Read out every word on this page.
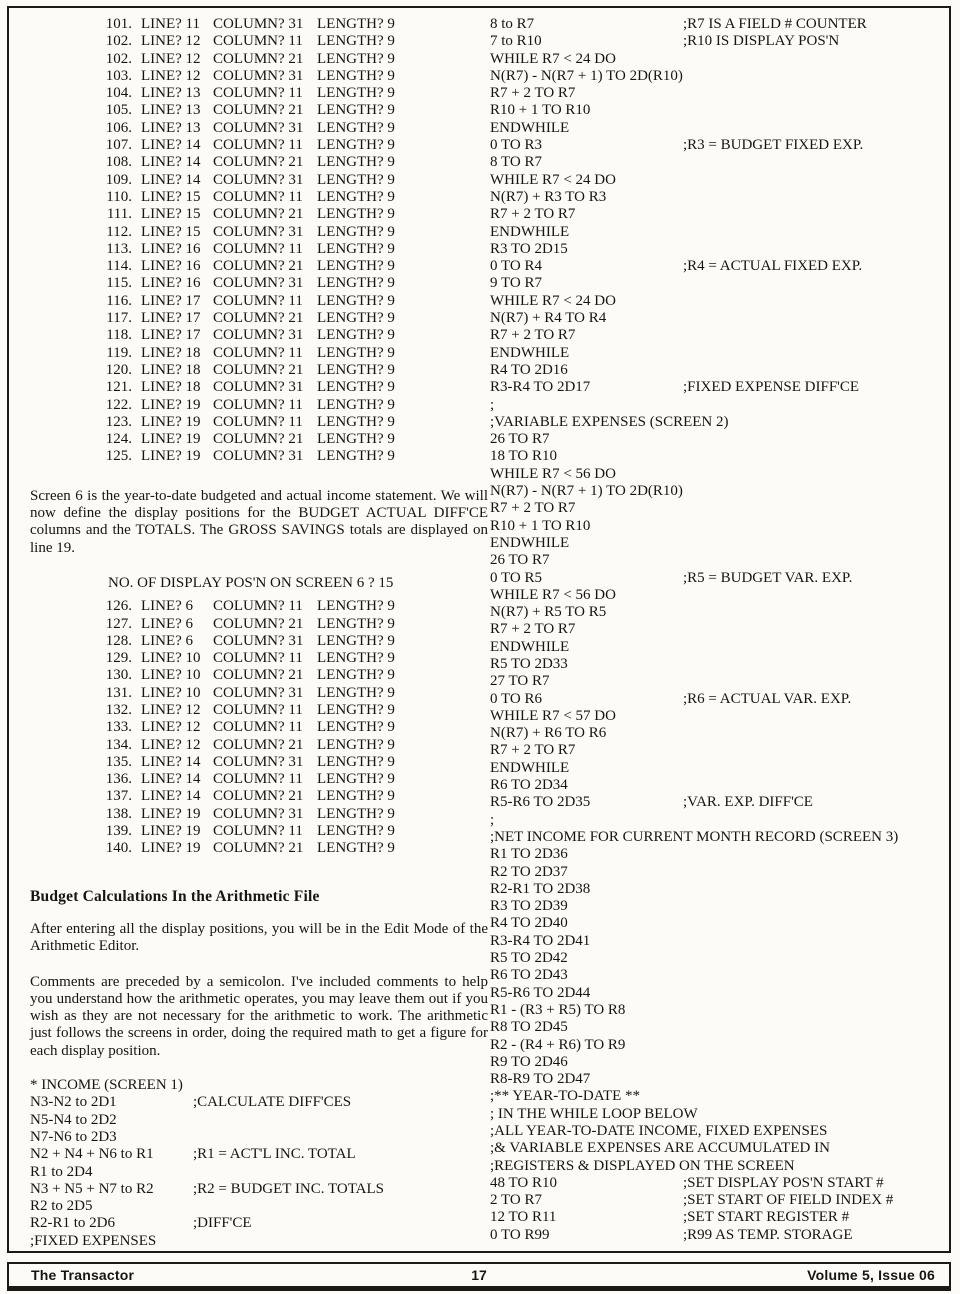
101. LINE? 11 COLUMN? 31 LENGTH? 9
102. LINE? 12 COLUMN? 11 LENGTH? 9
102. LINE? 12 COLUMN? 21 LENGTH? 9
103. LINE? 12 COLUMN? 31 LENGTH? 9
104. LINE? 13 COLUMN? 11 LENGTH? 9
105. LINE? 13 COLUMN? 21 LENGTH? 9
106. LINE? 13 COLUMN? 31 LENGTH? 9
107. LINE? 14 COLUMN? 11 LENGTH? 9
108. LINE? 14 COLUMN? 21 LENGTH? 9
109. LINE? 14 COLUMN? 31 LENGTH? 9
110. LINE? 15 COLUMN? 11 LENGTH? 9
111. LINE? 15 COLUMN? 21 LENGTH? 9
112. LINE? 15 COLUMN? 31 LENGTH? 9
113. LINE? 16 COLUMN? 11 LENGTH? 9
114. LINE? 16 COLUMN? 21 LENGTH? 9
115. LINE? 16 COLUMN? 31 LENGTH? 9
116. LINE? 17 COLUMN? 11 LENGTH? 9
117. LINE? 17 COLUMN? 21 LENGTH? 9
118. LINE? 17 COLUMN? 31 LENGTH? 9
119. LINE? 18 COLUMN? 11 LENGTH? 9
120. LINE? 18 COLUMN? 21 LENGTH? 9
121. LINE? 18 COLUMN? 31 LENGTH? 9
122. LINE? 19 COLUMN? 11 LENGTH? 9
123. LINE? 19 COLUMN? 11 LENGTH? 9
124. LINE? 19 COLUMN? 21 LENGTH? 9
125. LINE? 19 COLUMN? 31 LENGTH? 9

Screen 6 is the year-to-date budgeted and actual income statement. We will now define the display positions for the BUDGET ACTUAL DIFF'CE columns and the TOTALS. The GROSS SAVINGS totals are displayed on line 19.

NO. OF DISPLAY POS'N ON SCREEN 6 ? 15
126. LINE? 6	COLUMN? 11 LENGTH? 9
127. LINE? 6	COLUMN? 21 LENGTH? 9
128. LINE? 6	COLUMN? 31 LENGTH? 9
129. LINE? 10 COLUMN? 11 LENGTH? 9
130. LINE? 10 COLUMN? 21 LENGTH? 9
131. LINE? 10 COLUMN? 31 LENGTH? 9
132. LINE? 12 COLUMN? 11 LENGTH? 9
133. LINE? 12 COLUMN? 11 LENGTH? 9
134. LINE? 12 COLUMN? 21 LENGTH? 9
135. LINE? 14 COLUMN? 31 LENGTH? 9
136. LINE? 14 COLUMN? 11 LENGTH? 9
137. LINE? 14 COLUMN? 21 LENGTH? 9
138. LINE? 19 COLUMN? 31 LENGTH? 9
139. LINE? 19 COLUMN? 11 LENGTH? 9
140. LINE? 19 COLUMN? 21 LENGTH? 9
Budget Calculations In the Arithmetic File

After entering all the display positions, you will be in the Edit Mode of the Arithmetic Editor.

Comments are preceded by a semicolon. I've included comments to help you understand how the arithmetic operates, you may leave them out if you wish as they are not necessary for the arithmetic to work. The arithmetic just follows the screens in order, doing the required math to get a figure for each display position.

* INCOME (SCREEN 1)
N3-N2 to 2D1	;CALCULATE DIFF'CES
N5-N4 to 2D2
N7-N6 to 2D3
N2 + N4 + N6 to R1	;R1 = ACT'L INC. TOTAL
R1 to 2D4
N3 + N5 + N7 to R2	;R2 = BUDGET INC. TOTALS
R2 to 2D5
R2-R1 to 2D6	;DIFF'CE
;FIXED EXPENSES
8 to R7	;R7 IS A FIELD # COUNTER
7 to R10	;R10 IS DISPLAY POS'N
WHILE R7 < 24 DO
N(R7) - N(R7 + 1) TO 2D(R10)
R7 + 2 TO R7
R10 + 1 TO R10
ENDWHILE
0 TO R3	;R3 = BUDGET FIXED EXP.
8 TO R7
WHILE R7 < 24 DO
N(R7) + R3 TO R3
R7 + 2 TO R7
ENDWHILE
R3 TO 2D15
0 TO R4	;R4 = ACTUAL FIXED EXP.
9 TO R7
WHILE R7 < 24 DO
N(R7) + R4 TO R4
R7 + 2 TO R7
ENDWHILE
R4 TO 2D16
R3-R4 TO 2D17	;FIXED EXPENSE DIFF'CE
;
;VARIABLE EXPENSES (SCREEN 2)
26 TO R7
18 TO R10
WHILE R7 < 56 DO
N(R7) - N(R7 + 1) TO 2D(R10)
R7 + 2 TO R7
R10 + 1 TO R10
ENDWHILE
26 TO R7
0 TO R5	;R5 = BUDGET VAR. EXP.
WHILE R7 < 56 DO
N(R7) + R5 TO R5
R7 + 2 TO R7
ENDWHILE
R5 TO 2D33
27 TO R7
0 TO R6	;R6 = ACTUAL VAR. EXP.
WHILE R7 < 57 DO
N(R7) + R6 TO R6
R7 + 2 TO R7
ENDWHILE
R6 TO 2D34
R5-R6 TO 2D35	;VAR. EXP. DIFF'CE
;
;NET INCOME FOR CURRENT MONTH RECORD (SCREEN 3)
R1 TO 2D36
R2 TO 2D37
R2-R1 TO 2D38
R3 TO 2D39
R4 TO 2D40
R3-R4 TO 2D41
R5 TO 2D42
R6 TO 2D43
R5-R6 TO 2D44
R1 - (R3 + R5) TO R8
R8 TO 2D45
R2 - (R4 + R6) TO R9
R9 TO 2D46
R8-R9 TO 2D47
;** YEAR-TO-DATE **
; IN THE WHILE LOOP BELOW
;ALL YEAR-TO-DATE INCOME, FIXED EXPENSES
;& VARIABLE EXPENSES ARE ACCUMULATED IN
;REGISTERS & DISPLAYED ON THE SCREEN
48 TO R10	;SET DISPLAY POS'N START #
2 TO R7	;SET START OF FIELD INDEX #
12 TO R11	;SET START REGISTER #
0 TO R99	;R99 AS TEMP. STORAGE
The Transactor	17	Volume 5, Issue 06
